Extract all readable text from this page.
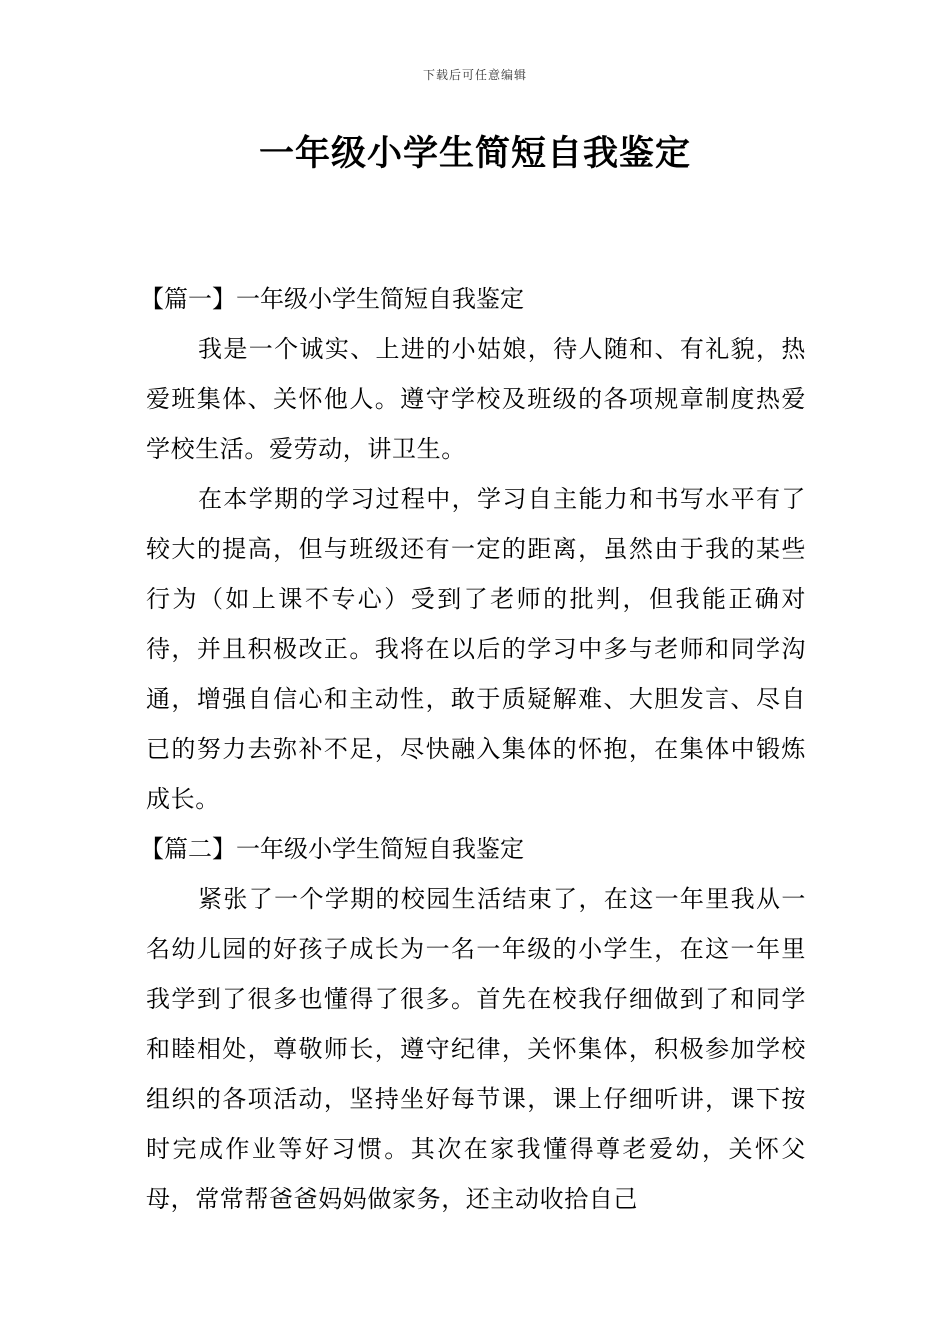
下载后可任意编辑
一年级小学生简短自我鉴定
【篇一】一年级小学生简短自我鉴定

我是一个诚实、上进的小姑娘，待人随和、有礼貌，热爱班集体、关怀他人。遵守学校及班级的各项规章制度热爱学校生活。爱劳动，讲卫生。

在本学期的学习过程中，学习自主能力和书写水平有了较大的提高，但与班级还有一定的距离，虽然由于我的某些行为（如上课不专心）受到了老师的批判，但我能正确对待，并且积极改正。我将在以后的学习中多与老师和同学沟通，增强自信心和主动性，敢于质疑解难、大胆发言、尽自已的努力去弥补不足，尽快融入集体的怀抱，在集体中锻炼成长。

【篇二】一年级小学生简短自我鉴定

紧张了一个学期的校园生活结束了，在这一年里我从一名幼儿园的好孩子成长为一名一年级的小学生，在这一年里我学到了很多也懂得了很多。首先在校我仔细做到了和同学和睦相处，尊敬师长，遵守纪律，关怀集体，积极参加学校组织的各项活动，坚持坐好每节课，课上仔细听讲，课下按时完成作业等好习惯。其次在家我懂得尊老爱幼，关怀父母，常常帮爸爸妈妈做家务，还主动收拾自己
